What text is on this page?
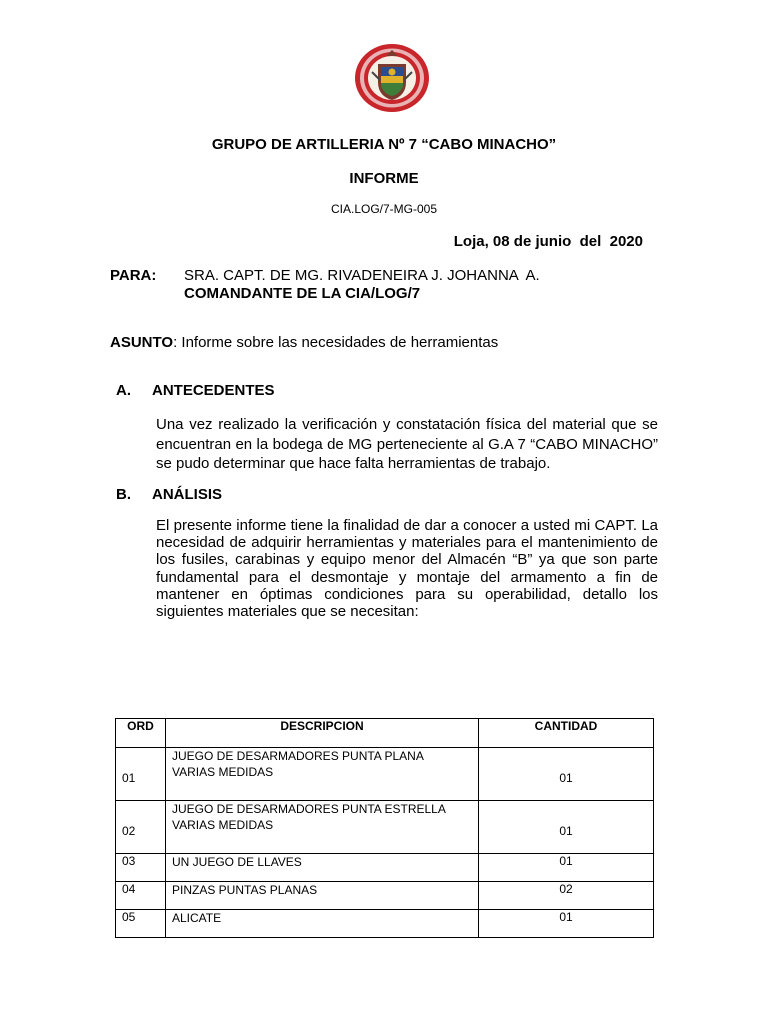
GRUPO DE ARTILLERIA Nº 7 “CABO MINACHO”
INFORME
CIA.LOG/7-MG-005
Loja, 08 de junio  del  2020
PARA: SRA. CAPT. DE MG. RIVADENEIRA J. JOHANNA  A.
COMANDANTE DE LA CIA/LOG/7
ASUNTO: Informe sobre las necesidades de herramientas
A. ANTECEDENTES
Una vez realizado la verificación y constatación física del material que se encuentran en la bodega de MG perteneciente al G.A 7 “CABO MINACHO” se pudo determinar que hace falta herramientas de trabajo.
B. ANÁLISIS
El presente informe tiene la finalidad de dar a conocer a usted mi CAPT. La necesidad de adquirir herramientas y materiales para el mantenimiento de los fusiles, carabinas y equipo menor del Almacén “B” ya que son parte fundamental para el desmontaje y montaje del armamento a fin de mantener en óptimas condiciones para su operabilidad, detallo los siguientes materiales que se necesitan:
ORD	DESCRIPCION	CANTIDAD
01	JUEGO DE DESARMADORES PUNTA PLANA
VARIAS MEDIDAS	01
02	JUEGO DE DESARMADORES PUNTA ESTRELLA
VARIAS MEDIDAS	01
03	UN JUEGO DE LLAVES	01
04	PINZAS PUNTAS PLANAS	02
05	ALICATE	01
